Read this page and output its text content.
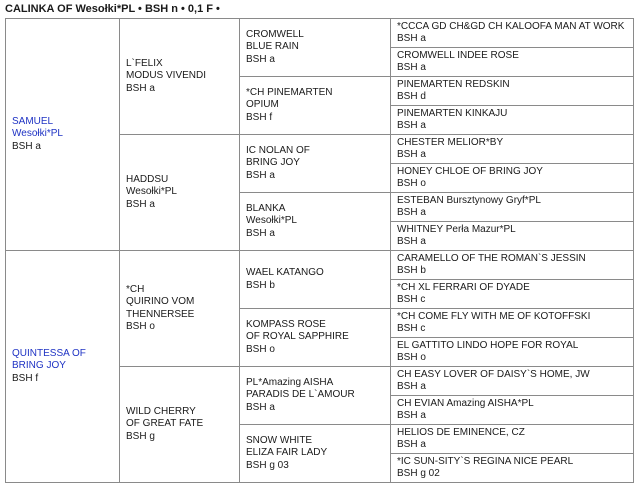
CALINKA OF Wesołki*PL • BSH n • 0,1 F •
SAMUEL
Wesołki*PL
BSH a	L`FELIX
MODUS VIVENDI
BSH a	CROMWELL
BLUE RAIN
BSH a	*CCCA GD CH&GD CH KALOOFA MAN AT WORK
BSH a

			CROMWELL INDEE ROSE
BSH a

		*CH PINEMARTEN
OPIUM
BSH f	PINEMARTEN REDSKIN
BSH d

			PINEMARTEN KINKAJU
BSH a

	HADDSU
Wesołki*PL
BSH a	IC NOLAN OF
BRING JOY
BSH a	CHESTER MELIOR*BY
BSH a

			HONEY CHLOE OF BRING JOY
BSH o

		BLANKA
Wesołki*PL
BSH a	ESTEBAN Bursztynowy Gryf*PL
BSH a

			WHITNEY Perła Mazur*PL
BSH a

QUINTESSA OF
BRING JOY
BSH f	*CH
QUIRINO VOM
THENNERSEE
BSH o	WAEL KATANGO
BSH b	CARAMELLO OF THE ROMAN`S JESSIN
BSH b

			*CH XL FERRARI OF DYADE
BSH c

		KOMPASS ROSE
OF ROYAL SAPPHIRE
BSH o	*CH COME FLY WITH ME OF KOTOFFSKI
BSH c

			EL GATTITO LINDO HOPE FOR ROYAL
BSH o

	WILD CHERRY
OF GREAT FATE
BSH g	PL*Amazing AISHA
PARADIS DE L`AMOUR
BSH a	CH EASY LOVER OF DAISY`S HOME, JW
BSH a

			CH EVIAN Amazing AISHA*PL
BSH a

		SNOW WHITE
ELIZA FAIR LADY
BSH g 03	HELIOS DE EMINENCE, CZ
BSH a

			*IC SUN-SITY`S REGINA NICE PEARL
BSH g 02
